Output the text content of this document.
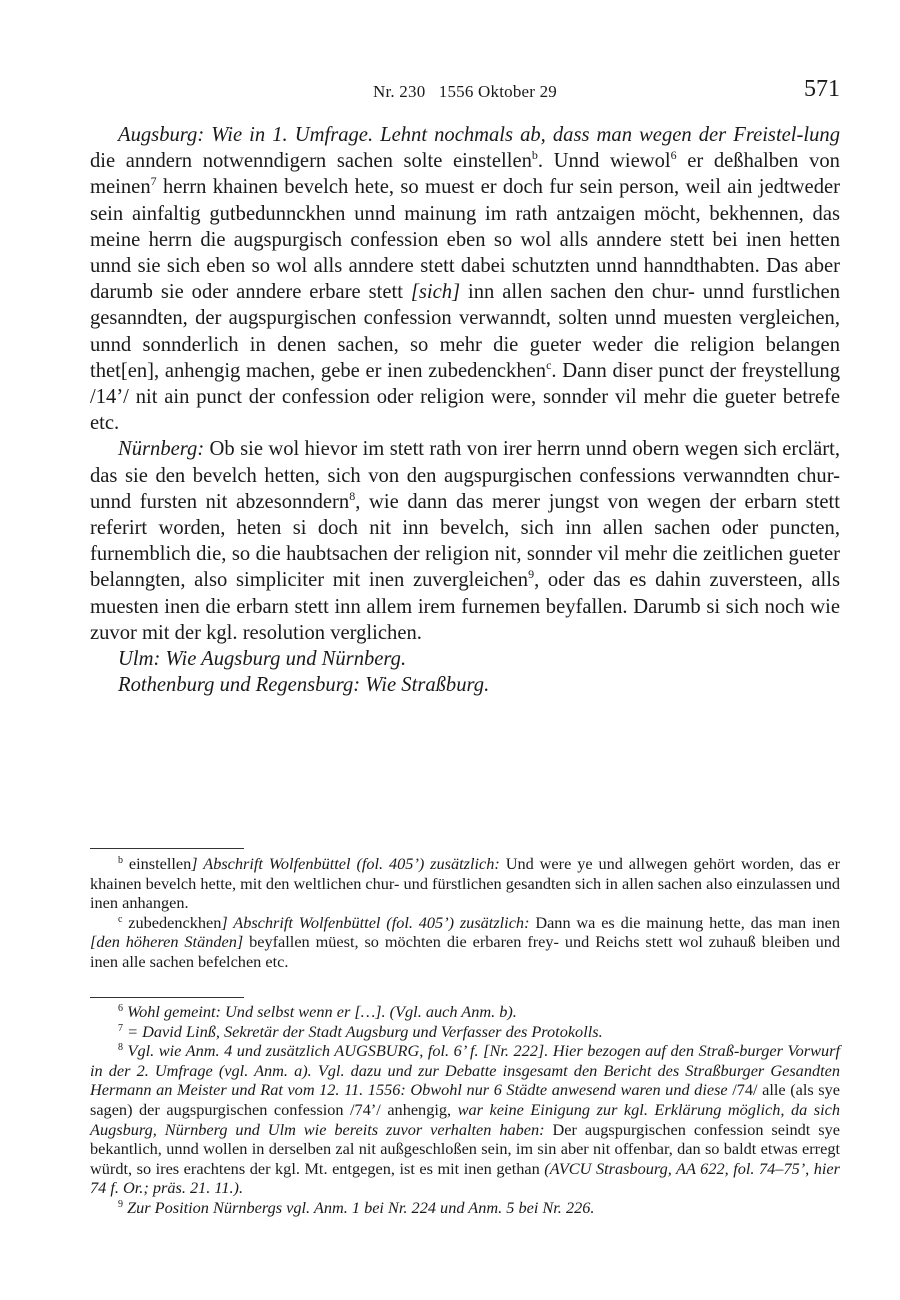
Nr. 230 1556 Oktober 29	571

Augsburg: Wie in 1. Umfrage. Lehnt nochmals ab, dass man wegen der Freistel-lung die anndern notwenndigern sachen solte einstellen$^b$. Unnd wiewol$^6$ er deßhalben von meinen$^7$ herrn khainen bevelch hete, so muest er doch fur sein person, weil ain jedtweder sein ainfaltig gutbedunnckhen unnd mainung im rath antzaigen möcht, bekhennen, das meine herrn die augspurgisch confession eben so wol alls anndere stett bei inen hetten unnd sie sich eben so wol alls anndere stett dabei schutzten unnd hanndthabten. Das aber darumb sie oder anndere erbare stett [sich] inn allen sachen den chur- unnd furstlichen gesanndten, der augspurgischen confession verwanndt, solten unnd muesten vergleichen, unnd sonnderlich in denen sachen, so mehr die gueter weder die religion belangen thet[en], anhengig machen, gebe er inen zubedenckhen$^c$. Dann diser punct der freystellung /14’/ nit ain punct der confession oder religion were, sonnder vil mehr die gueter betrefe etc.

Nürnberg: Ob sie wol hievor im stett rath von irer herrn unnd obern wegen sich erclärt, das sie den bevelch hetten, sich von den augspurgischen confessions verwanndten chur- unnd fursten nit abzesonndern$^8$, wie dann das merer jungst von wegen der erbarn stett referirt worden, heten si doch nit inn bevelch, sich inn allen sachen oder puncten, furnemblich die, so die haubtsachen der religion nit, sonnder vil mehr die zeitlichen gueter belanngten, also simpliciter mit inen zuvergleichen$^9$, oder das es dahin zuversteen, alls muesten inen die erbarn stett inn allem irem furnemen beyfallen. Darumb si sich noch wie zuvor mit der kgl. resolution verglichen.

Ulm: Wie Augsburg und Nürnberg.

Rothenburg und Regensburg: Wie Straßburg.

$^b$ einstellen] Abschrift Wolfenbüttel (fol. 405’) zusätzlich: Und were ye und allwegen gehört worden, das er khainen bevelch hette, mit den weltlichen chur- und fürstlichen gesandten sich in allen sachen also einzulassen und inen anhangen.

$^c$ zubedenckhen] Abschrift Wolfenbüttel (fol. 405’) zusätzlich: Dann wa es die mainung hette, das man inen [den höheren Ständen] beyfallen müest, so möchten die erbaren frey- und Reichs stett wol zuhauß bleiben und inen alle sachen befelchen etc.

$^6$ Wohl gemeint: Und selbst wenn er […]. (Vgl. auch Anm. b).

$^7$ = David Linß, Sekretär der Stadt Augsburg und Verfasser des Protokolls.

$^8$ Vgl. wie Anm. 4 und zusätzlich AUGSBURG, fol. 6’ f. [Nr. 222]. Hier bezogen auf den Straß-burger Vorwurf in der 2. Umfrage (vgl. Anm. a). Vgl. dazu und zur Debatte insgesamt den Bericht des Straßburger Gesandten Hermann an Meister und Rat vom 12. 11. 1556: Obwohl nur 6 Städte anwesend waren und diese /74/ alle (als sye sagen) der augspurgischen confession /74’/ anhengig, war keine Einigung zur kgl. Erklärung möglich, da sich Augsburg, Nürnberg und Ulm wie bereits zuvor verhalten haben: Der augspurgischen confession seindt sye bekantlich, unnd wollen in derselben zal nit außgeschloßen sein, im sin aber nit offenbar, dan so baldt etwas erregt würdt, so ires erachtens der kgl. Mt. entgegen, ist es mit inen gethan (AVCU Strasbourg, AA 622, fol. 74–75’, hier 74 f. Or.; präs. 21. 11.).

$^9$ Zur Position Nürnbergs vgl. Anm. 1 bei Nr. 224 und Anm. 5 bei Nr. 226.
